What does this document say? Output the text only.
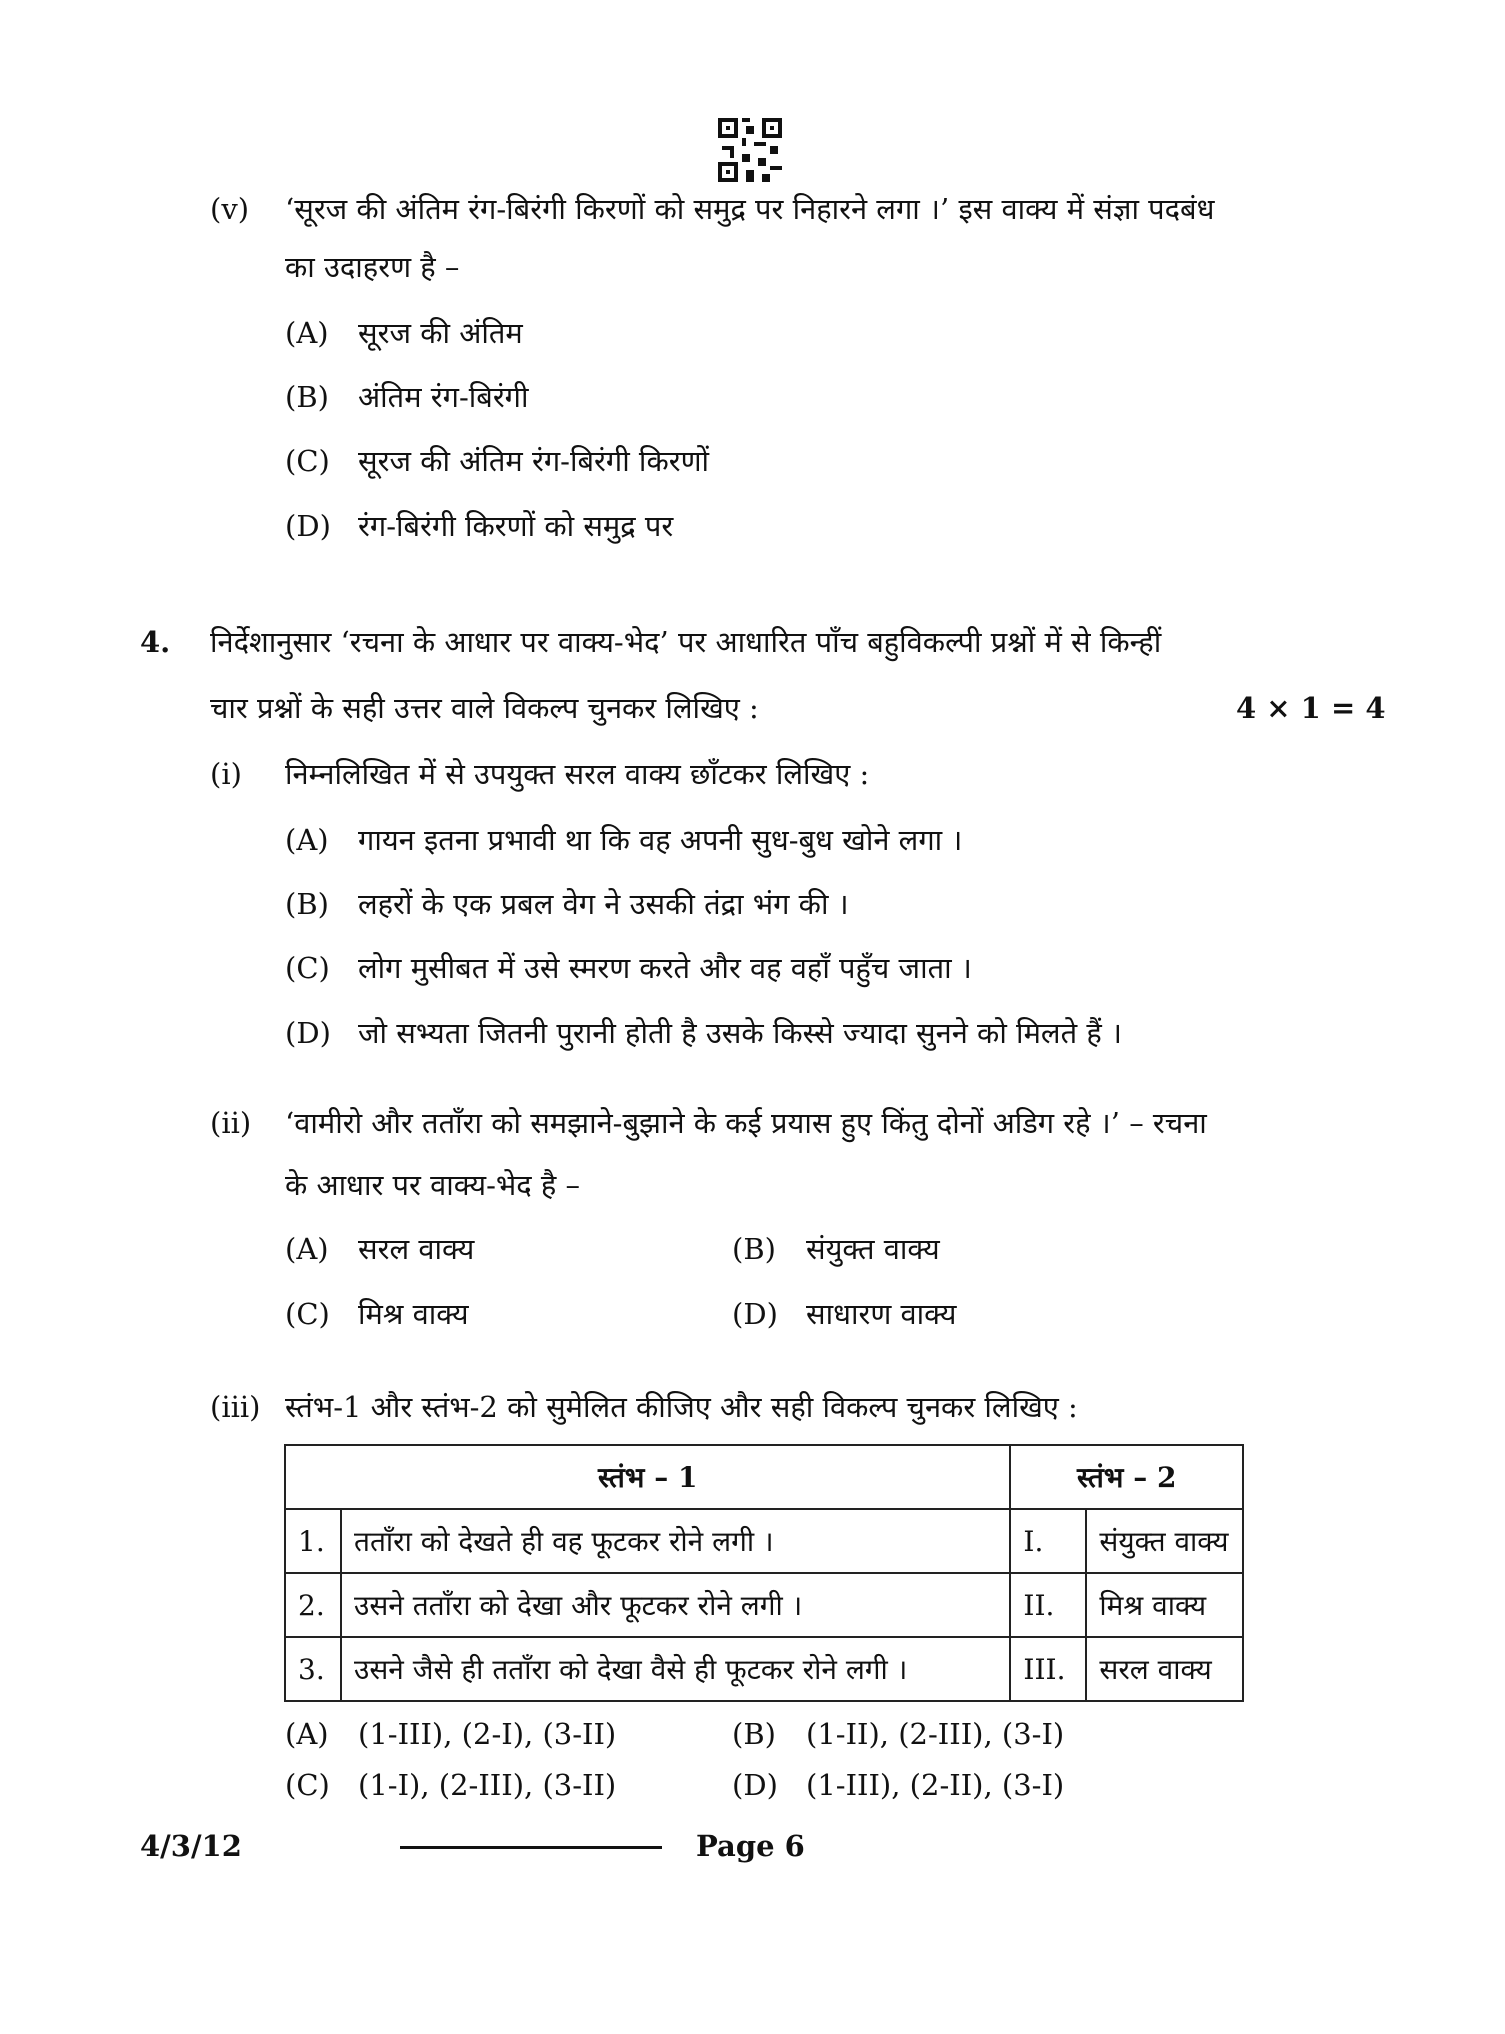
(v) ‘सूरज की अंतिम रंग-बिरंगी किरणों को समुद्र पर निहारने लगा ।’ इस वाक्य में संज्ञा पदबंध
का उदाहरण है –
(A) सूरज की अंतिम
(B) अंतिम रंग-बिरंगी
(C) सूरज की अंतिम रंग-बिरंगी किरणों
(D) रंग-बिरंगी किरणों को समुद्र पर
4. निर्देशानुसार ‘रचना के आधार पर वाक्य-भेद’ पर आधारित पाँच बहुविकल्पी प्रश्नों में से किन्हीं
चार प्रश्नों के सही उत्तर वाले विकल्प चुनकर लिखिए :	4 × 1 = 4
(i) निम्नलिखित में से उपयुक्त सरल वाक्य छाँटकर लिखिए :
(A) गायन इतना प्रभावी था कि वह अपनी सुध-बुध खोने लगा ।
(B) लहरों के एक प्रबल वेग ने उसकी तंद्रा भंग की ।
(C) लोग मुसीबत में उसे स्मरण करते और वह वहाँ पहुँच जाता ।
(D) जो सभ्यता जितनी पुरानी होती है उसके किस्से ज्यादा सुनने को मिलते हैं ।
(ii) ‘वामीरो और तताँरा को समझाने-बुझाने के कई प्रयास हुए किंतु दोनों अडिग रहे ।’ – रचना
के आधार पर वाक्य-भेद है –
(A) सरल वाक्य	(B) संयुक्त वाक्य
(C) मिश्र वाक्य	(D) साधारण वाक्य
(iii) स्तंभ-1 और स्तंभ-2 को सुमेलित कीजिए और सही विकल्प चुनकर लिखिए :
स्तंभ – 1		स्तंभ – 2	
1.	तताँरा को देखते ही वह फूटकर रोने लगी ।	I.	संयुक्त वाक्य
2.	उसने तताँरा को देखा और फूटकर रोने लगी ।	II.	मिश्र वाक्य
3.	उसने जैसे ही तताँरा को देखा वैसे ही फूटकर रोने लगी ।	III.	सरल वाक्य
(A) (1-III), (2-I), (3-II)	(B) (1-II), (2-III), (3-I)
(C) (1-I), (2-III), (3-II)	(D) (1-III), (2-II), (3-I)
4/3/12	Page 6
